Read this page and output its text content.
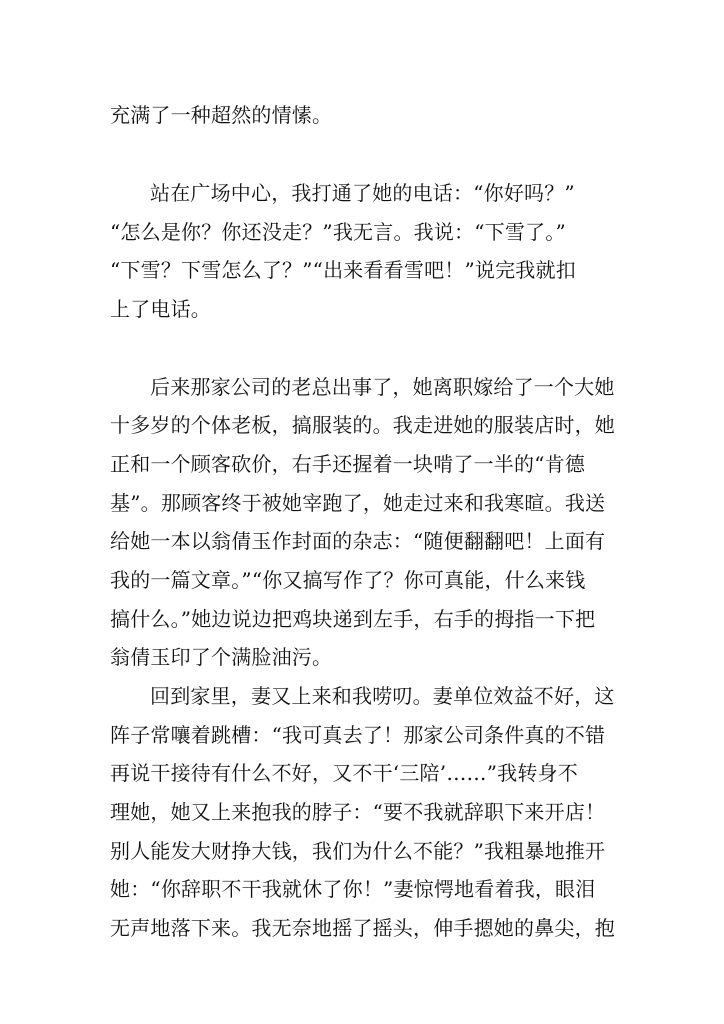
充满了一种超然的情愫。
站在广场中心，我打通了她的电话：“你好吗？”
“怎么是你？你还没走？”我无言。我说：“下雪了。”
“下雪？下雪怎么了？”“出来看看雪吧！”说完我就扣
上了电话。
后来那家公司的老总出事了，她离职嫁给了一个大她
十多岁的个体老板，搞服装的。我走进她的服装店时，她
正和一个顾客砍价，右手还握着一块啃了一半的“肯德
基”。那顾客终于被她宰跑了，她走过来和我寒暄。我送
给她一本以翁倩玉作封面的杂志：“随便翻翻吧！上面有
我的一篇文章。”“你又搞写作了？你可真能，什么来钱
搞什么。”她边说边把鸡块递到左手，右手的拇指一下把
翁倩玉印了个满脸油污。
回到家里，妻又上来和我唠叨。妻单位效益不好，这
阵子常嚷着跳槽：“我可真去了！那家公司条件真的不错
再说干接待有什么不好，又不干‘三陪’……”我转身不
理她，她又上来抱我的脖子：“要不我就辞职下来开店！
别人能发大财挣大钱，我们为什么不能？”我粗暴地推开
她：“你辞职不干我就休了你！”妻惊愕地看着我，眼泪
无声地落下来。我无奈地摇了摇头，伸手摁她的鼻尖，抱
